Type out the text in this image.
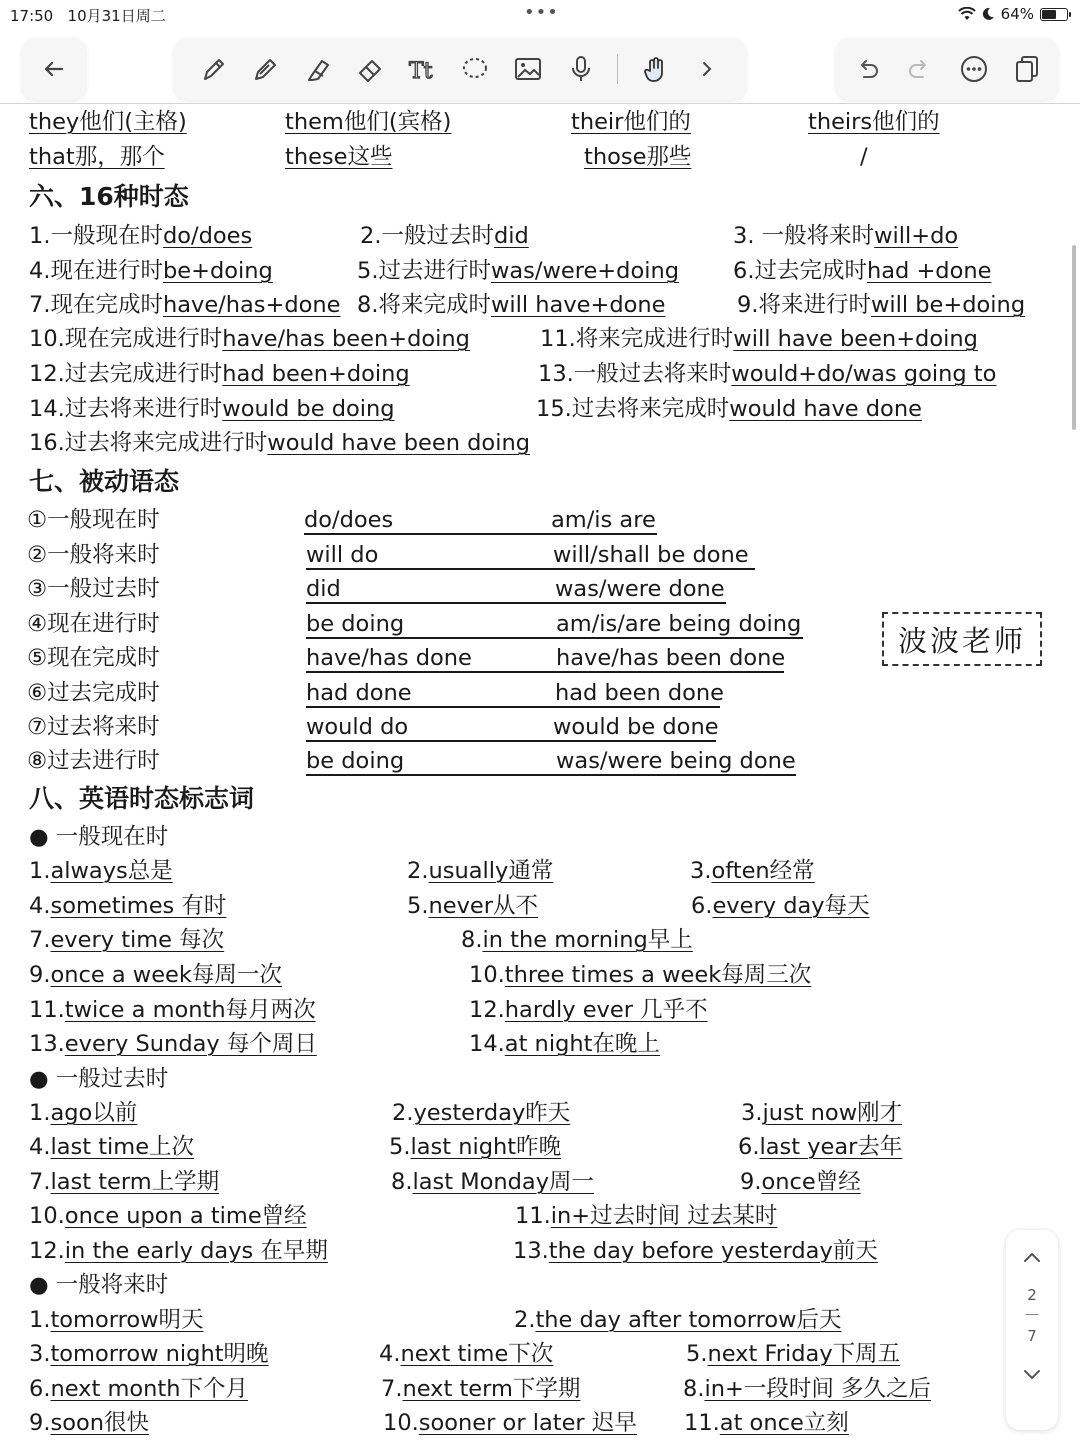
17:50 10月31日周二	•••	64%
Tt
they他们(主格)	them他们(宾格)	their他们的	theirs他们的
that那，那个	these这些	those那些	/
六、16种时态
1.一般现在时do/does	2.一般过去时did	3. 一般将来时will+do
4.现在进行时be+doing	5.过去进行时was/were+doing 6.过去完成时had +done
7.现在完成时have/has+done 8.将来完成时will have+done	9.将来进行时will be+doing
10.现在完成进行时have/has been+doing	11.将来完成进行时will have been+doing
12.过去完成进行时had been+doing	13.一般过去将来时would+do/was going to
14.过去将来进行时would be doing	15.过去将来完成时would have done
16.过去将来完成进行时would have been doing
七、被动语态
①一般现在时	do/does	am/is are
②一般将来时	will do	will/shall be done
③一般过去时	did	was/were done
④现在进行时	be doing	am/is/are being doing
⑤现在完成时	have/has done	have/has been done
⑥过去完成时	had done	had been done
⑦过去将来时	would do	would be done
⑧过去进行时	be doing	was/were being done
波波老师
八、英语时态标志词
● 一般现在时
1.always总是	2.usually通常	3.often经常
4.sometimes 有时	5.never从不	6.every day每天
7.every time 每次	8.in the morning早上
9.once a week每周一次	10.three times a week每周三次
11.twice a month每月两次	12.hardly ever 几乎不
13.every Sunday 每个周日	14.at night在晚上
● 一般过去时
1.ago以前	2.yesterday昨天	3.just now刚才
4.last time上次	5.last night昨晚	6.last year去年
7.last term上学期	8.last Monday周一	9.once曾经
10.once upon a time曾经	11.in+过去时间 过去某时
12.in the early days 在早期	13.the day before yesterday前天
● 一般将来时
1.tomorrow明天	2.the day after tomorrow后天
3.tomorrow night明晚	4.next time下次	5.next Friday下周五
6.next month下个月	7.next term下学期	8.in+一段时间 多久之后
9.soon很快	10.sooner or later 迟早 11.at once立刻
2
7
